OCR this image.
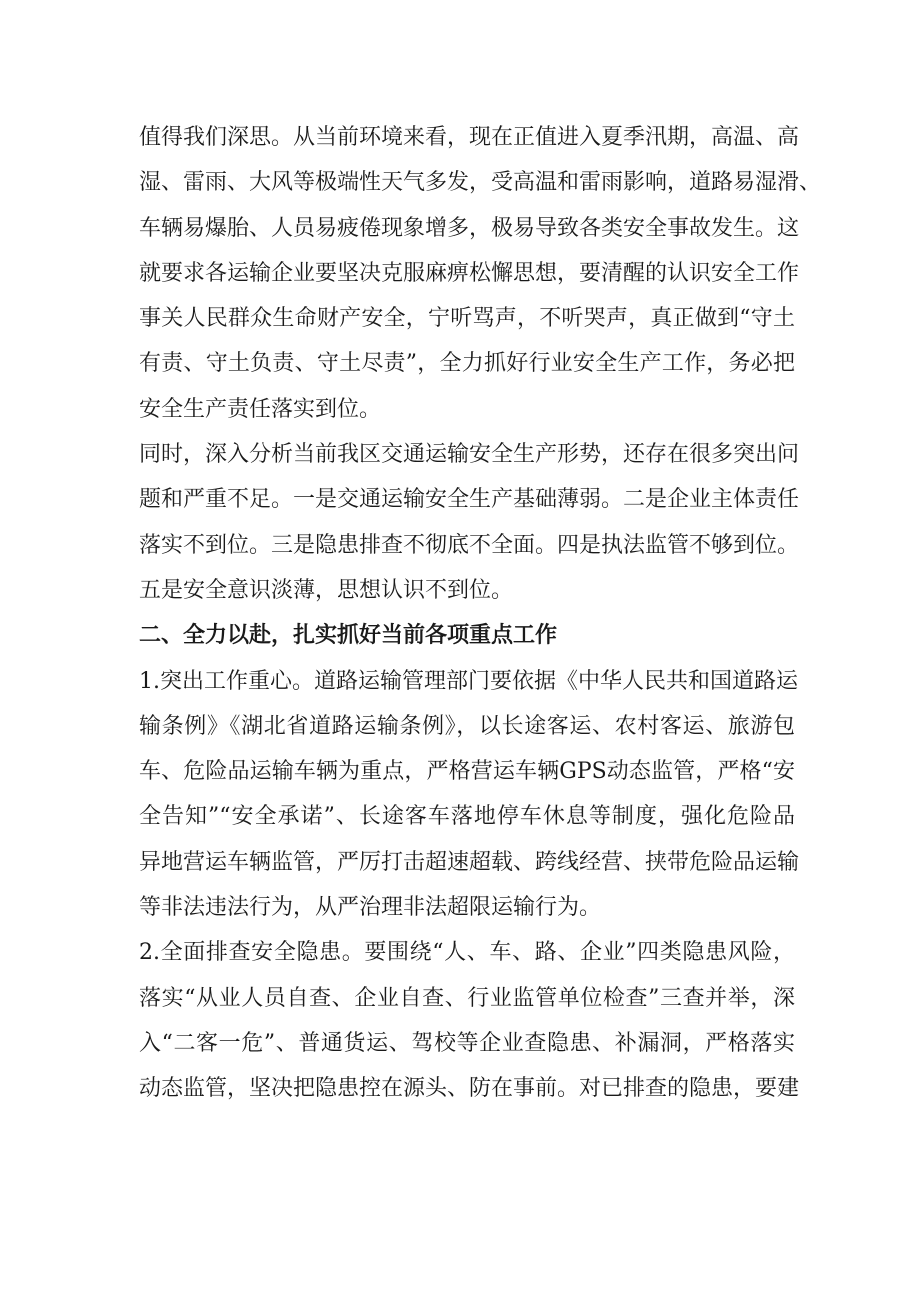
值得我们深思。从当前环境来看，现在正值进入夏季汛期，高温、高
湿、雷雨、大风等极端性天气多发，受高温和雷雨影响，道路易湿滑、
车辆易爆胎、人员易疲倦现象增多，极易导致各类安全事故发生。这
就要求各运输企业要坚决克服麻痹松懈思想，要清醒的认识安全工作
事关人民群众生命财产安全，宁听骂声，不听哭声，真正做到“守土
有责、守土负责、守土尽责”，全力抓好行业安全生产工作，务必把
安全生产责任落实到位。
同时，深入分析当前我区交通运输安全生产形势，还存在很多突出问
题和严重不足。一是交通运输安全生产基础薄弱。二是企业主体责任
落实不到位。三是隐患排查不彻底不全面。四是执法监管不够到位。
五是安全意识淡薄，思想认识不到位。
二、全力以赴，扎实抓好当前各项重点工作
1.突出工作重心。道路运输管理部门要依据《中华人民共和国道路运
输条例》《湖北省道路运输条例》，以长途客运、农村客运、旅游包
车、危险品运输车辆为重点，严格营运车辆GPS动态监管，严格“安
全告知”“安全承诺”、长途客车落地停车休息等制度，强化危险品
异地营运车辆监管，严厉打击超速超载、跨线经营、挟带危险品运输
等非法违法行为，从严治理非法超限运输行为。
2.全面排查安全隐患。要围绕“人、车、路、企业”四类隐患风险，
落实“从业人员自查、企业自查、行业监管单位检查”三查并举，深
入“二客一危”、普通货运、驾校等企业查隐患、补漏洞，严格落实
动态监管，坚决把隐患控在源头、防在事前。对已排查的隐患，要建
